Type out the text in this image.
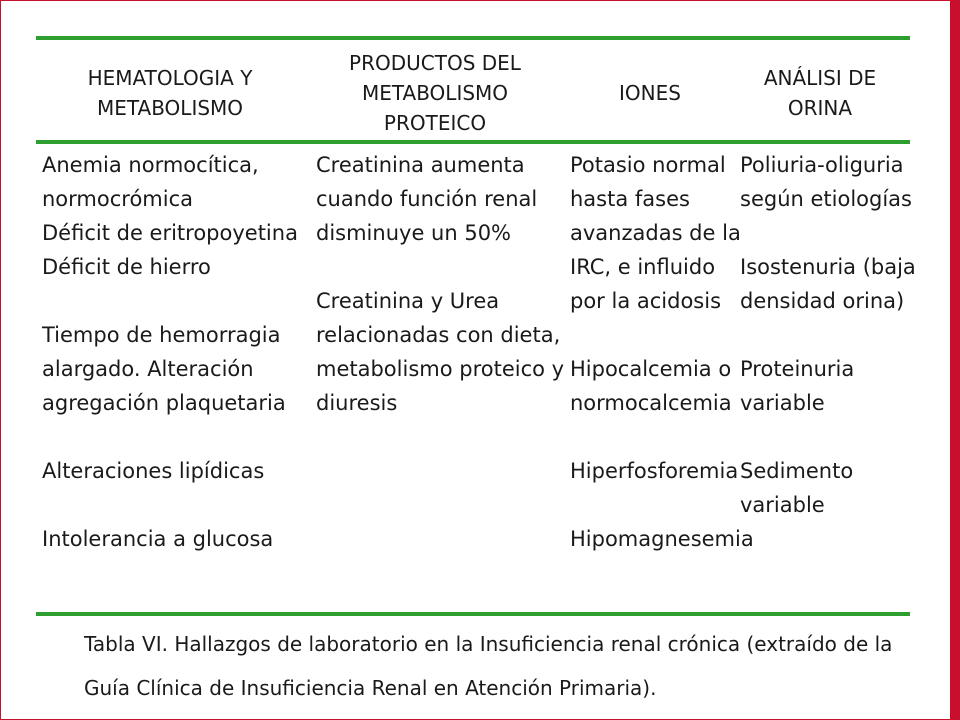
HEMATOLOGIA Y
METABOLISMO
PRODUCTOS DEL
METABOLISMO
PROTEICO
IONES
ANÁLISI DE
ORINA
Anemia normocítica,
normocrómica
Déficit de eritropoyetina
Déficit de hierro
Tiempo de hemorragia
alargado. Alteración
agregación plaquetaria
Alteraciones lipídicas
Intolerancia a glucosa
Creatinina aumenta
cuando función renal
disminuye un 50%
Creatinina y Urea
relacionadas con dieta,
metabolismo proteico y
diuresis
Potasio normal
hasta fases
avanzadas de la
IRC, e influido
por la acidosis
Hipocalcemia o
normocalcemia
Hiperfosforemia
Hipomagnesemia
Poliuria-oliguria
según etiologías
Isostenuria (baja
densidad orina)
Proteinuria
variable
Sedimento
variable
Tabla VI. Hallazgos de laboratorio en la Insuficiencia renal crónica (extraído de la
Guía Clínica de Insuficiencia Renal en Atención Primaria).
